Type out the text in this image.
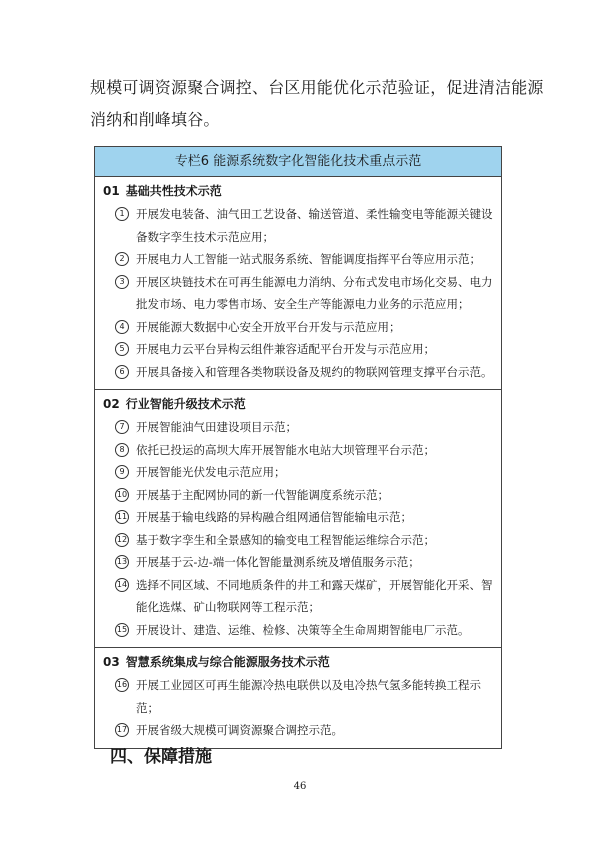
规模可调资源聚合调控、台区用能优化示范验证，促进清洁能源
消纳和削峰填谷。
专栏6 能源系统数字化智能化技术重点示范
01 基础共性技术示范
1 开展发电装备、油气田工艺设备、输送管道、柔性输变电等能源关键设备数字孪生技术示范应用；
2 开展电力人工智能一站式服务系统、智能调度指挥平台等应用示范；
3 开展区块链技术在可再生能源电力消纳、分布式发电市场化交易、电力批发市场、电力零售市场、安全生产等能源电力业务的示范应用；
4 开展能源大数据中心安全开放平台开发与示范应用；
5 开展电力云平台异构云组件兼容适配平台开发与示范应用；
6 开展具备接入和管理各类物联设备及规约的物联网管理支撑平台示范。
02 行业智能升级技术示范
7 开展智能油气田建设项目示范；
8 依托已投运的高坝大库开展智能水电站大坝管理平台示范；
9 开展智能光伏发电示范应用；
10 开展基于主配网协同的新一代智能调度系统示范；
11 开展基于输电线路的异构融合组网通信智能输电示范；
12 基于数字孪生和全景感知的输变电工程智能运维综合示范；
13 开展基于云-边-端一体化智能量测系统及增值服务示范；
14 选择不同区域、不同地质条件的井工和露天煤矿，开展智能化开采、智能化选煤、矿山物联网等工程示范；
15 开展设计、建造、运维、检修、决策等全生命周期智能电厂示范。
03 智慧系统集成与综合能源服务技术示范
16 开展工业园区可再生能源冷热电联供以及电冷热气氢多能转换工程示范；
17 开展省级大规模可调资源聚合调控示范。
四、保障措施
46
